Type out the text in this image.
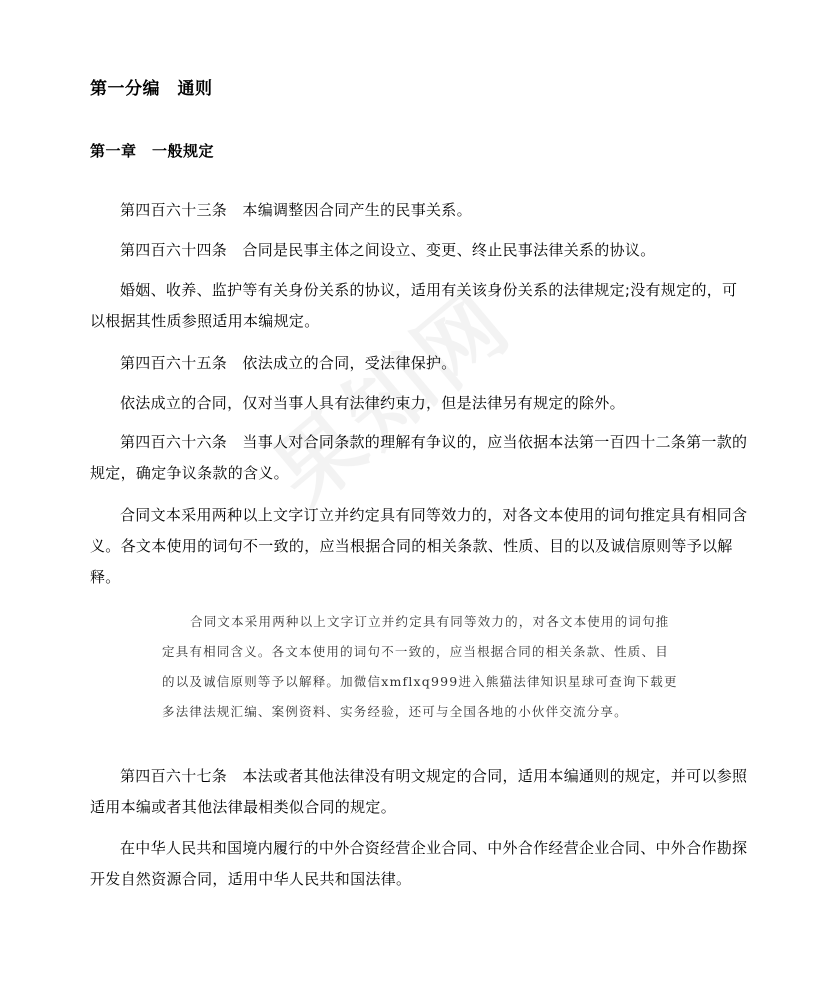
第一分编　通则
第一章　一般规定

第四百六十三条　本编调整因合同产生的民事关系。

第四百六十四条　合同是民事主体之间设立、变更、终止民事法律关系的协议。

婚姻、收养、监护等有关身份关系的协议，适用有关该身份关系的法律规定;没有规定的，可以根据其性质参照适用本编规定。

第四百六十五条　依法成立的合同，受法律保护。

依法成立的合同，仅对当事人具有法律约束力，但是法律另有规定的除外。

第四百六十六条　当事人对合同条款的理解有争议的，应当依据本法第一百四十二条第一款的规定，确定争议条款的含义。

合同文本采用两种以上文字订立并约定具有同等效力的，对各文本使用的词句推定具有相同含义。各文本使用的词句不一致的，应当根据合同的相关条款、性质、目的以及诚信原则等予以解释。

合同文本采用两种以上文字订立并约定具有同等效力的，对各文本使用的词句推定具有相同含义。各文本使用的词句不一致的，应当根据合同的相关条款、性质、目的以及诚信原则等予以解释。加微信xmflxq999进入熊猫法律知识星球可查询下载更多法律法规汇编、案例资料、实务经验，还可与全国各地的小伙伴交流分享。

第四百六十七条　本法或者其他法律没有明文规定的合同，适用本编通则的规定，并可以参照适用本编或者其他法律最相类似合同的规定。

在中华人民共和国境内履行的中外合资经营企业合同、中外合作经营企业合同、中外合作勘探开发自然资源合同，适用中华人民共和国法律。
